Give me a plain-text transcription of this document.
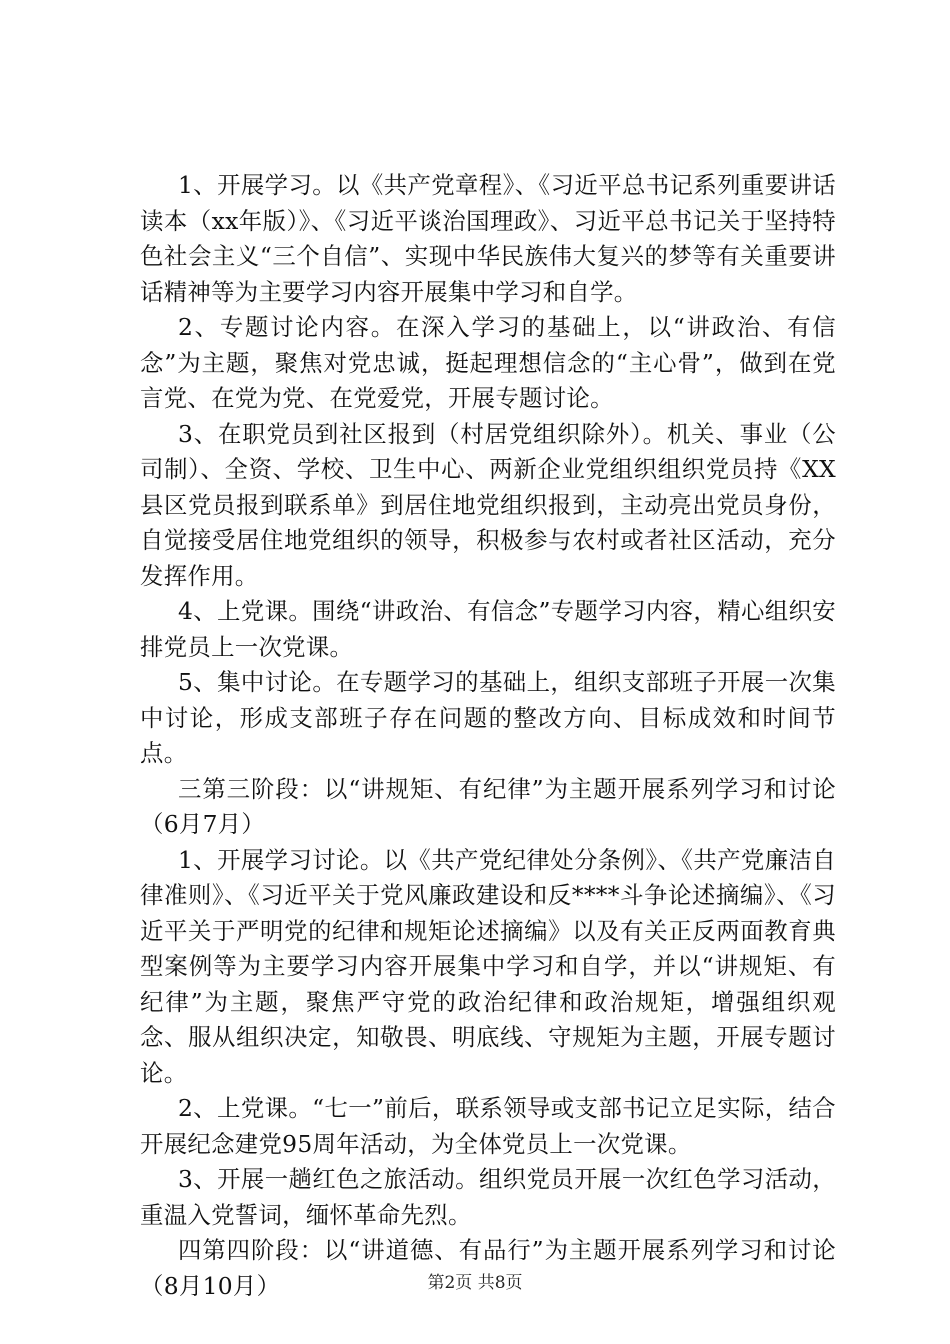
1、开展学习。以《共产党章程》、《习近平总书记系列重要讲话读本（xx年版）》、《习近平谈治国理政》、习近平总书记关于坚持特色社会主义“三个自信”、实现中华民族伟大复兴的梦等有关重要讲话精神等为主要学习内容开展集中学习和自学。

2、专题讨论内容。在深入学习的基础上，以“讲政治、有信念”为主题，聚焦对党忠诚，挺起理想信念的“主心骨”，做到在党言党、在党为党、在党爱党，开展专题讨论。

3、在职党员到社区报到（村居党组织除外）。机关、事业（公司制）、全资、学校、卫生中心、两新企业党组织组织党员持《XX县区党员报到联系单》到居住地党组织报到，主动亮出党员身份，自觉接受居住地党组织的领导，积极参与农村或者社区活动，充分发挥作用。

4、上党课。围绕“讲政治、有信念”专题学习内容，精心组织安排党员上一次党课。

5、集中讨论。在专题学习的基础上，组织支部班子开展一次集中讨论，形成支部班子存在问题的整改方向、目标成效和时间节点。

三第三阶段：以“讲规矩、有纪律”为主题开展系列学习和讨论（6月7月）

1、开展学习讨论。以《共产党纪律处分条例》、《共产党廉洁自律准则》、《习近平关于党风廉政建设和反****斗争论述摘编》、《习近平关于严明党的纪律和规矩论述摘编》以及有关正反两面教育典型案例等为主要学习内容开展集中学习和自学，并以“讲规矩、有纪律”为主题，聚焦严守党的政治纪律和政治规矩，增强组织观念、服从组织决定，知敬畏、明底线、守规矩为主题，开展专题讨论。

2、上党课。“七一”前后，联系领导或支部书记立足实际，结合开展纪念建党95周年活动，为全体党员上一次党课。

3、开展一趟红色之旅活动。组织党员开展一次红色学习活动，重温入党誓词，缅怀革命先烈。

四第四阶段：以“讲道德、有品行”为主题开展系列学习和讨论（8月10月）	第2页 共8页
